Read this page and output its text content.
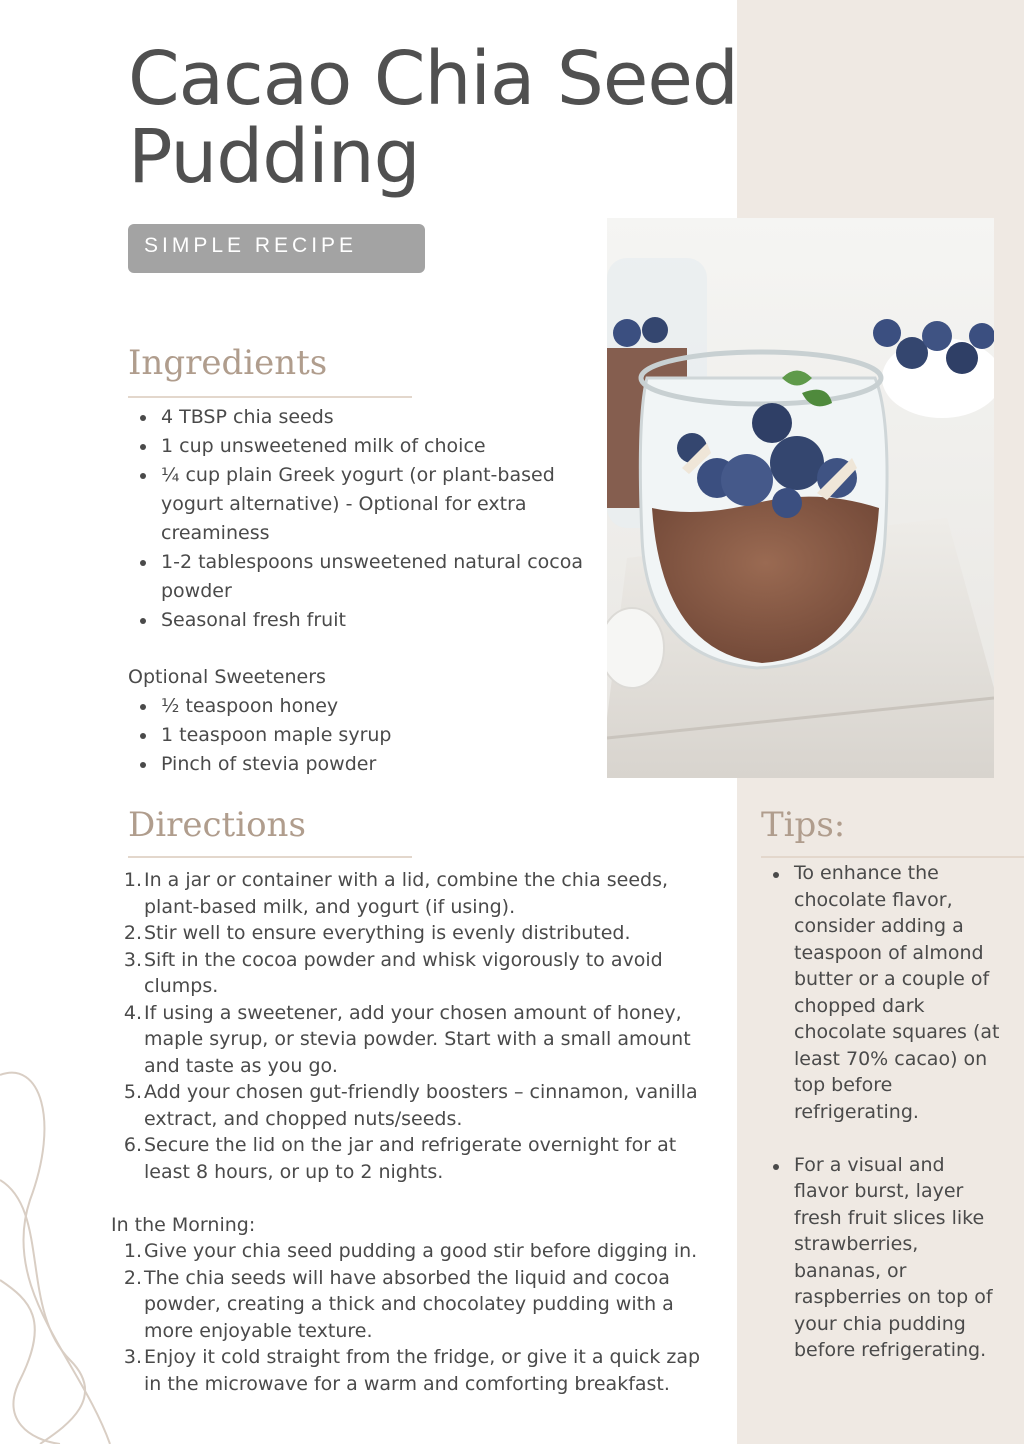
Cacao Chia Seed Pudding
SIMPLE RECIPE
Ingredients
4 TBSP chia seeds
1 cup unsweetened milk of choice
¼ cup plain Greek yogurt (or plant-based yogurt alternative) - Optional for extra creaminess
1-2 tablespoons unsweetened natural cocoa powder
Seasonal fresh fruit
Optional Sweeteners
½ teaspoon honey
1 teaspoon maple syrup
Pinch of stevia powder
Directions
1. In a jar or container with a lid, combine the chia seeds, plant-based milk, and yogurt (if using).
2. Stir well to ensure everything is evenly distributed.
3. Sift in the cocoa powder and whisk vigorously to avoid clumps.
4. If using a sweetener, add your chosen amount of honey, maple syrup, or stevia powder. Start with a small amount and taste as you go.
5. Add your chosen gut-friendly boosters – cinnamon, vanilla extract, and chopped nuts/seeds.
6. Secure the lid on the jar and refrigerate overnight for at least 8 hours, or up to 2 nights.
In the Morning:
1. Give your chia seed pudding a good stir before digging in.
2. The chia seeds will have absorbed the liquid and cocoa powder, creating a thick and chocolatey pudding with a more enjoyable texture.
3. Enjoy it cold straight from the fridge, or give it a quick zap in the microwave for a warm and comforting breakfast.
Tips:
To enhance the chocolate flavor, consider adding a teaspoon of almond butter or a couple of chopped dark chocolate squares (at least 70% cacao) on top before refrigerating.
For a visual and flavor burst, layer fresh fruit slices like strawberries, bananas, or raspberries on top of your chia pudding before refrigerating.
